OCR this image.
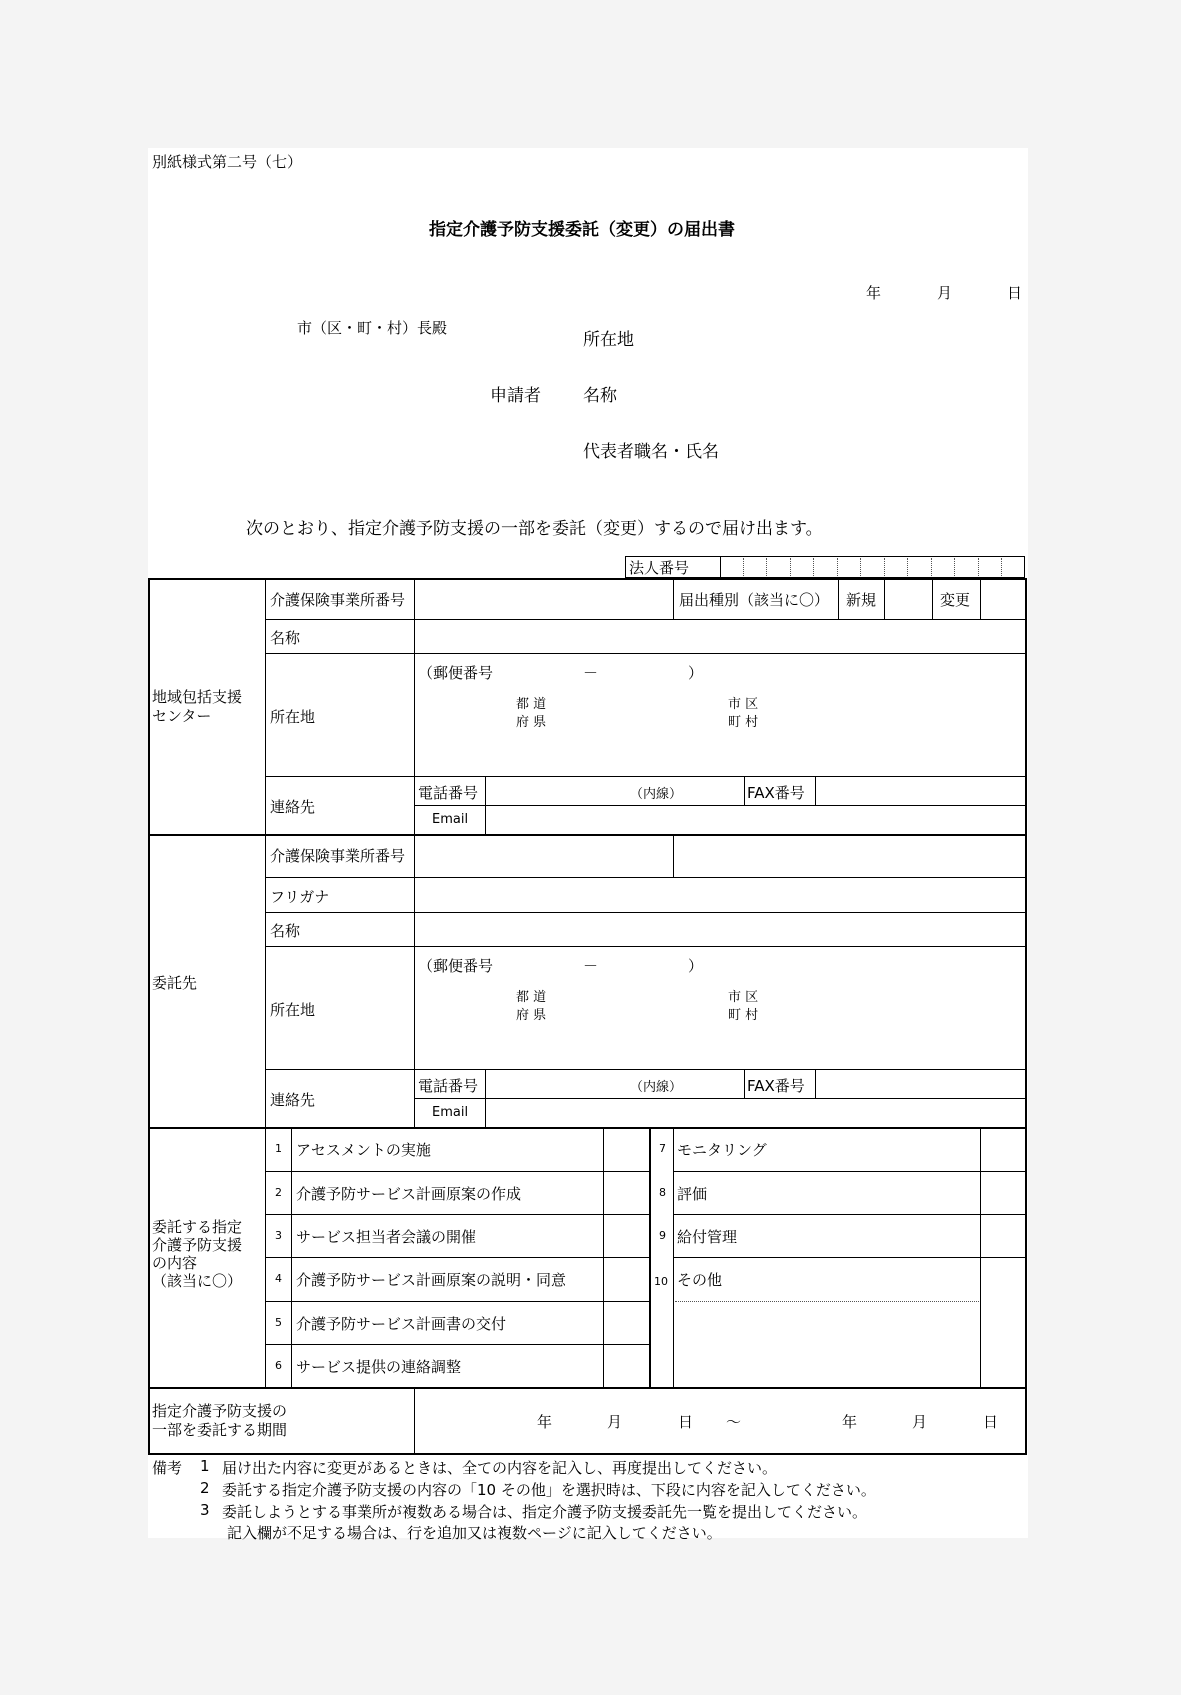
別紙様式第二号（七）
指定介護予防支援委託（変更）の届出書
年	月	日
市（区・町・村）長殿
所在地
申請者 名称
代表者職名・氏名
次のとおり、指定介護予防支援の一部を委託（変更）するので届け出ます。
法人番号
地域包括支援
センター
介護保険事業所番号	届出種別（該当に〇） 新規	変更
名称
所在地
（郵便番号　　　　　　－　　　　　　）
都 道
府 県
市 区
町 村
連絡先
電話番号	（内線）	FAX番号
Email
委託先
介護保険事業所番号
フリガナ
名称
所在地
（郵便番号　　　　　　－　　　　　　）
都 道
府 県
市 区
町 村
連絡先
電話番号	（内線）	FAX番号
Email
委託する指定
介護予防支援
の内容
（該当に〇）
1 アセスメントの実施
2 介護予防サービス計画原案の作成
3 サービス担当者会議の開催
4 介護予防サービス計画原案の説明・同意
5 介護予防サービス計画書の交付
6 サービス提供の連絡調整
7 モニタリング
8 評価
9 給付管理
10 その他
指定介護予防支援の
一部を委託する期間	年	月	日 ～	年	月	日
備考 1 届け出た内容に変更があるときは、全ての内容を記入し、再度提出してください。
2 委託する指定介護予防支援の内容の「10 その他」を選択時は、下段に内容を記入してください。
3 委託しようとする事業所が複数ある場合は、指定介護予防支援委託先一覧を提出してください。
記入欄が不足する場合は、行を追加又は複数ページに記入してください。
